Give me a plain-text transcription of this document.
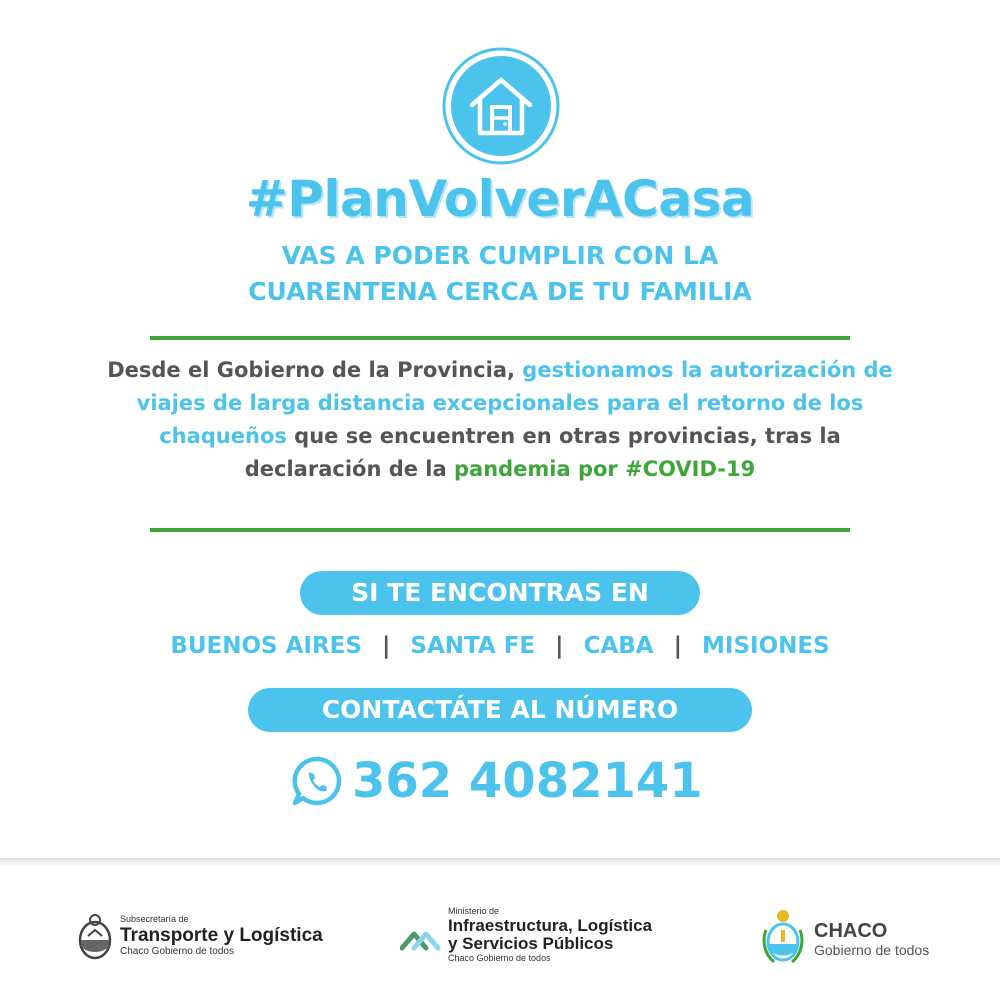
#PlanVolverACasa
VAS A PODER CUMPLIR CON LA
CUARENTENA CERCA DE TU FAMILIA
Desde el Gobierno de la Provincia, gestionamos la autorización de viajes de larga distancia excepcionales para el retorno de los chaqueños que se encuentren en otras provincias, tras la declaración de la pandemia por #COVID-19
SI TE ENCONTRAS EN
BUENOS AIRES | SANTA FE | CABA | MISIONES
CONTACTÁTE AL NÚMERO
362 4082141
Subsecretaría de
Transporte y Logística
Chaco Gobierno de todos
Ministerio de
Infraestructura, Logística
y Servicios Públicos
Chaco Gobierno de todos
CHACO
Gobierno de todos
